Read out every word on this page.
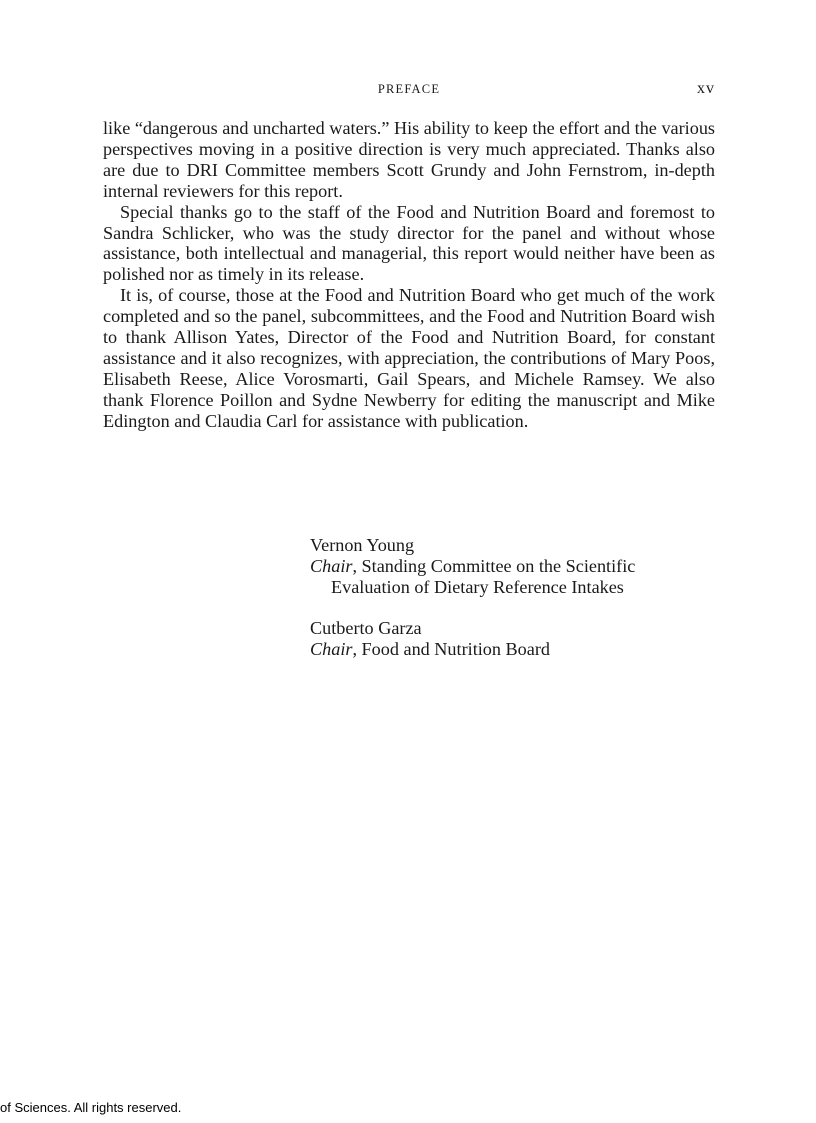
PREFACE	xv

like “dangerous and uncharted waters.” His ability to keep the effort and the various perspectives moving in a positive direction is very much appreciated. Thanks also are due to DRI Committee members Scott Grundy and John Fernstrom, in-depth internal reviewers for this report.

Special thanks go to the staff of the Food and Nutrition Board and foremost to Sandra Schlicker, who was the study director for the panel and without whose assistance, both intellectual and managerial, this report would neither have been as polished nor as timely in its release.

It is, of course, those at the Food and Nutrition Board who get much of the work completed and so the panel, subcommittees, and the Food and Nutrition Board wish to thank Allison Yates, Director of the Food and Nutrition Board, for constant assistance and it also recognizes, with appreciation, the contributions of Mary Poos, Elisabeth Reese, Alice Vorosmarti, Gail Spears, and Michele Ramsey. We also thank Florence Poillon and Sydne Newberry for editing the manuscript and Mike Edington and Claudia Carl for assistance with publication.

Vernon Young

Chair, Standing Committee on the Scientific

Evaluation of Dietary Reference Intakes

Cutberto Garza

Chair, Food and Nutrition Board

of Sciences. All rights reserved.
